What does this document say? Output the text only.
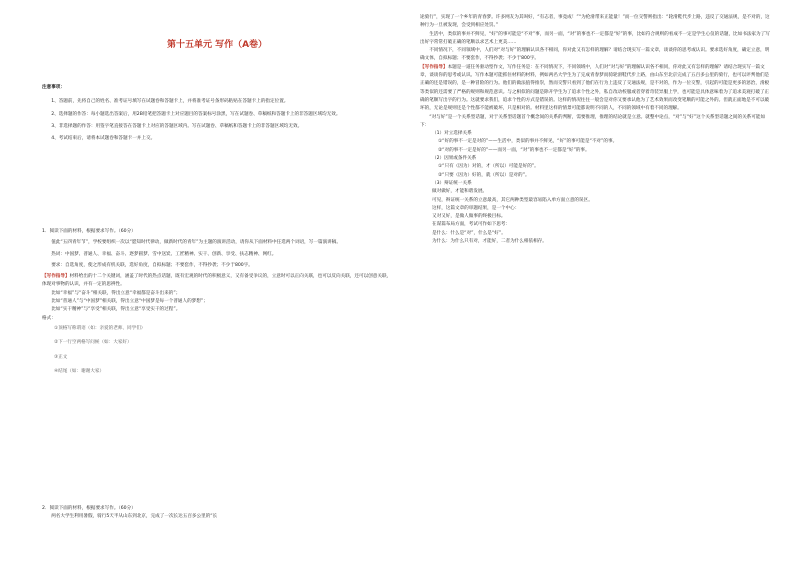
第十五单元 写作（A卷）

注意事项：

1、答题前，先将自己的姓名、准考证号填写在试题卷和答题卡上，并将准考证号条形码粘贴在答题卡上的指定位置。

2、选择题的作答：每小题选出答案后，用2B铅笔把答题卡上对应题目的答案标号涂黑，写在试题卷、草稿纸和答题卡上的非答题区域均无效。

3、非选择题的作答：用签字笔直接答在答题卡上对应的答题区域内。写在试题卷、草稿纸和答题卡上的非答题区域均无效。

4、考试结束后，请将本试题卷和答题卡一并上交。

1．阅读下面的材料，根据要求写作。（60分）

值此“五四青年节”，学校要组织一次以“愿知时代律动，做新时代的青年”为主题的演讲活动，请你从下面材料中任选两个词语，写一篇演讲稿。

热词：中国梦、普通人、幸福、奋斗、逐梦圆梦、雪中送炭、工匠精神、实干、创新、享受、扶志精神、网红。

要求：自选角度，使之形成有机关联，选好角度，自拟标题；不要套作，不得抄袭；不少于800字。

【写作指导】材料给出的十二个关键词，涵盖了时代的热点话题，既有宏观的时代的积极意义，又有备受争议的，立意时可以正向关联，也可以反向关联，还可以创意关联，体现对事物的认识，并有一定的思辨性。

比如“幸福”与“奋斗”相关联，得出立意“幸福都是奋斗出来的”；

比如“普通人”与“中国梦”相关联，得出立意“中国梦是每一个普通人的梦想”；

比如“实干精神”与“享受”相关联，得出立意“享受实干的过程”。

格式：

①顶格写称谓语（如：亲爱的老师、同学们）

②下一行空两格写问候（如：大家好）

③正文

④结尾（如：谢谢大家）

2．阅读下面的材料，根据要求写作。（60分）

两名大学生利用暑假，骑行5天半从山东到北京，完成了一次长达五百多公里的“长

途骑行”，实现了一个乡年的青春梦。许多网友为其叫好，“有志者，事竟成！”“为伦滑带来正能量！”而一位交警则指出：“轮滑鞋代步上路，违反了交通法规，是不对的，这种行为一旦被发现，会受到相应处罚。”

生活中，类似的事并不鲜见，“好”的事可能是“不对”事，而另一面，“对”的事也不一定都是“好”的事，比如符合规则的看成不一定是学生心仪的话题，比如书法家为了写出好字常常打破正确的笔顺以求艺术上更美……

不同情况下，不同领域中，人们对“对与好”的理解认识各不相同，你对此又有怎样的理解？请结合现实写一篇文章，谈谈你的思考或认识。要求选好角度，确定立意，明确文体，自拟标题；不要套作，不得抄袭；不少于800字。

【写作指导】本题是一道任务驱动型作文，写作任务是：在不同情况下，不同领域中，人们对“对与好”的理解认识各不相同，你对此又有怎样的理解？请结合现实写一篇文章，谈谈你的思考或认识。写作本题可能抓住材料的材料，例如两名大学生为了完成青春梦而骑轮滑鞋代步上路，由山东至北京完成了五百多公里的骑行，也可以评判他们是正确的还是错误的，是一种冒险的行为。他们的做法值得推崇，然而交警只看到了他们在行为上违反了交通法规，是不对的，作为一位交警，引起的可能是更多的惩治，滑板等类似的还需要了严格的规则和规范意识。与之相似的问题是除开学生为了追求个性之外，私自改动校服或者穿着奇装异服上学，也可能是具体意味着为了追求美观打破了正确的笔顺写出字的行为。这就要求我们，追求个性的方式是错误的。这样的情况往往一般会是对你又要承认他为了艺术效果而改变笔顺的可能之外的。但就正面地是不可以破坏的，无论是规则还是个性都不能被破坏，只是相对的。材料里这样的情景可能都说明不同的人，不同的领域中有着不同的理解。

“对与好”是一个关系型话题，对于关系型话题首个概念间的关系的判断，需要推理，推理的结论就是立意。就整中论点，“对”与“好”这个关系型话题之间的关系可能如下：

（1）对立选择关系

①“好的事不一定是对的”——生活中，类似的事并不鲜见，“好”的事可能是“不对”的事。

②“对的事不一定是好的”——而另一面，“对”的事也不一定都是“好”的事。

（2）因果或条件关系

①“只有（因为）对的，才（所以）可能是好的”。

②“只要（因为）好的，就（所以）是对的”。

（3）辩证统一关系

做对做好，才能和谐发展。

可见，辩证统一关系的立意最高，其它两种类型最容易陷入单方面立意的误区。

这样，这篇文章的审题结果，是一个中心：

又对又好，是做人做事的终极目标。

在谋篇布局方面，考试可作如下思考：

是什么：什么是“对”，什么是“好”。

为什么：为什么只有对，才能好，二者为什么相依相存。
